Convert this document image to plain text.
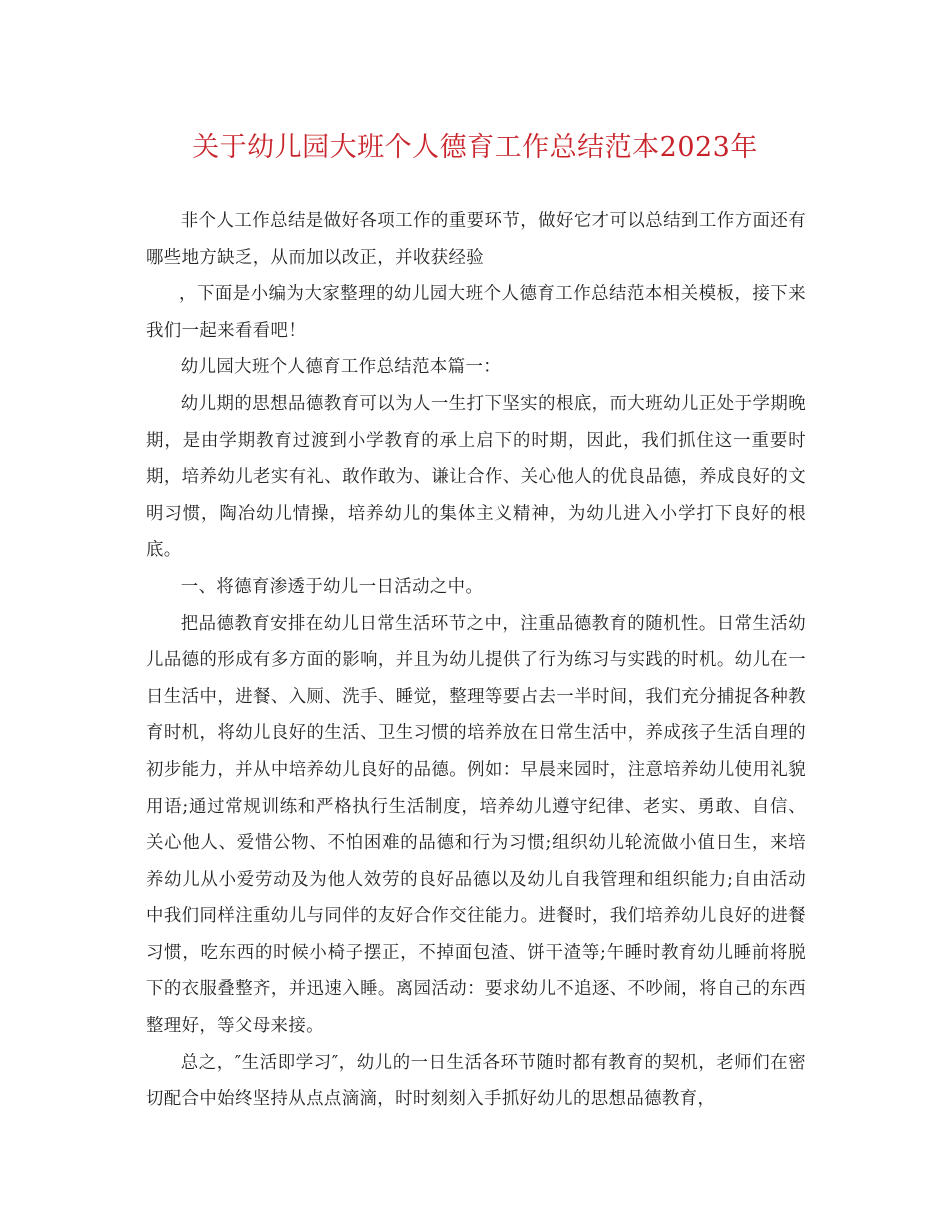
关于幼儿园大班个人德育工作总结范本2023年

非个人工作总结是做好各项工作的重要环节，做好它才可以总结到工作方面还有哪些地方缺乏，从而加以改正，并收获经验

，下面是小编为大家整理的幼儿园大班个人德育工作总结范本相关模板，接下来我们一起来看看吧！

幼儿园大班个人德育工作总结范本篇一：

幼儿期的思想品德教育可以为人一生打下坚实的根底，而大班幼儿正处于学期晚期，是由学期教育过渡到小学教育的承上启下的时期，因此，我们抓住这一重要时期，培养幼儿老实有礼、敢作敢为、谦让合作、关心他人的优良品德，养成良好的文明习惯，陶冶幼儿情操，培养幼儿的集体主义精神，为幼儿进入小学打下良好的根底。

一、将德育渗透于幼儿一日活动之中。

把品德教育安排在幼儿日常生活环节之中，注重品德教育的随机性。日常生活幼儿品德的形成有多方面的影响，并且为幼儿提供了行为练习与实践的时机。幼儿在一日生活中，进餐、入厕、洗手、睡觉，整理等要占去一半时间，我们充分捕捉各种教育时机，将幼儿良好的生活、卫生习惯的培养放在日常生活中，养成孩子生活自理的初步能力，并从中培养幼儿良好的品德。例如：早晨来园时，注意培养幼儿使用礼貌用语;通过常规训练和严格执行生活制度，培养幼儿遵守纪律、老实、勇敢、自信、关心他人、爱惜公物、不怕困难的品德和行为习惯;组织幼儿轮流做小值日生，来培养幼儿从小爱劳动及为他人效劳的良好品德以及幼儿自我管理和组织能力;自由活动中我们同样注重幼儿与同伴的友好合作交往能力。进餐时，我们培养幼儿良好的进餐习惯，吃东西的时候小椅子摆正，不掉面包渣、饼干渣等;午睡时教育幼儿睡前将脱下的衣服叠整齐，并迅速入睡。离园活动：要求幼儿不追逐、不吵闹，将自己的东西整理好，等父母来接。

总之，″生活即学习″，幼儿的一日生活各环节随时都有教育的契机，老师们在密切配合中始终坚持从点点滴滴，时时刻刻入手抓好幼儿的思想品德教育，
